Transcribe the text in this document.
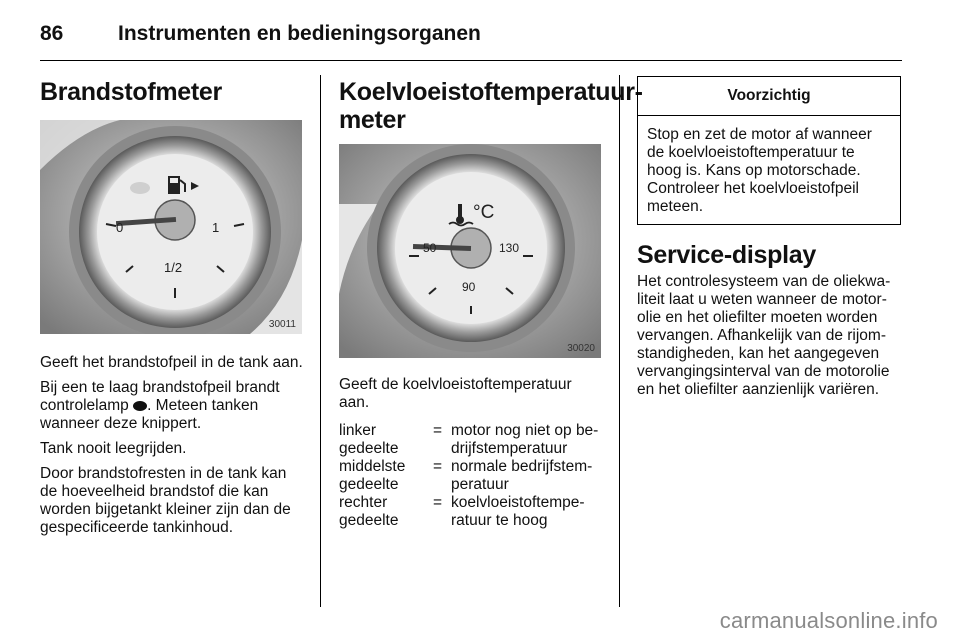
86	Instrumenten en bedieningsorganen
Brandstofmeter
0
1/2
1
30011

Geeft het brandstofpeil in de tank aan.

Bij een te laag brandstofpeil brandt controlelamp . Meteen tanken wanneer deze knippert.

Tank nooit leegrijden.

Door brandstofresten in de tank kan de hoeveelheid brandstof die kan worden bijgetankt kleiner zijn dan de gespecificeerde tankinhoud.

Koelvloeistoftemperatuur-
meter
°C
50
90
130
30020

Geeft de koelvloeistoftemperatuur aan.

linker gedeelte	=	motor nog niet op be- drijfstemperatuur
middelste gedeelte	=	normale bedrijfstem- peratuur
rechter gedeelte	=	koelvloeistoftempe- ratuur te hoog
Voorzichtig
Stop en zet de motor af wanneer de koelvloeistoftemperatuur te hoog is. Kans op motorschade. Controleer het koelvloeistofpeil meteen.
Service-display

Het controlesysteem van de oliekwa- liteit laat u weten wanneer de motor- olie en het oliefilter moeten worden vervangen. Afhankelijk van de rijom- standigheden, kan het aangegeven vervangingsinterval van de motorolie en het oliefilter aanzienlijk variëren.

carmanualsonline.info
